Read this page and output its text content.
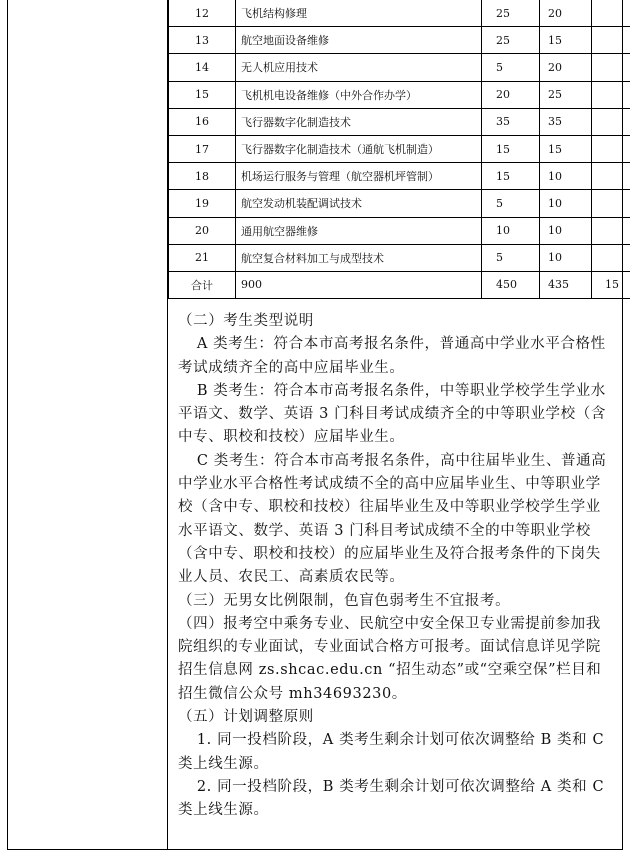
12	飞机结构修理	25	20	
13	航空地面设备维修	25	15	
14	无人机应用技术	5	20	
15	飞机机电设备维修（中外合作办学）	20	25	
16	飞行器数字化制造技术	35	35	
17	飞行器数字化制造技术（通航飞机制造）	15	15	
18	机场运行服务与管理（航空器机坪管制）	15	10	
19	航空发动机装配调试技术	5	10	
20	通用航空器维修	10	10	
21	航空复合材料加工与成型技术	5	10	
合计	900	450	435	15

（二）考生类型说明

A 类考生：符合本市高考报名条件，普通高中学业水平合格性考试成绩齐全的高中应届毕业生。

B 类考生：符合本市高考报名条件，中等职业学校学生学业水平语文、数学、英语 3 门科目考试成绩齐全的中等职业学校（含中专、职校和技校）应届毕业生。

C 类考生：符合本市高考报名条件，高中往届毕业生、普通高中学业水平合格性考试成绩不全的高中应届毕业生、中等职业学校（含中专、职校和技校）往届毕业生及中等职业学校学生学业水平语文、数学、英语 3 门科目考试成绩不全的中等职业学校（含中专、职校和技校）的应届毕业生及符合报考条件的下岗失业人员、农民工、高素质农民等。

（三）无男女比例限制，色盲色弱考生不宜报考。

（四）报考空中乘务专业、民航空中安全保卫专业需提前参加我院组织的专业面试，专业面试合格方可报考。面试信息详见学院招生信息网 zs.shcac.edu.cn “招生动态”或“空乘空保”栏目和招生微信公众号 mh34693230。

（五）计划调整原则

1. 同一投档阶段，A 类考生剩余计划可依次调整给 B 类和 C 类上线生源。

2. 同一投档阶段，B 类考生剩余计划可依次调整给 A 类和 C 类上线生源。
